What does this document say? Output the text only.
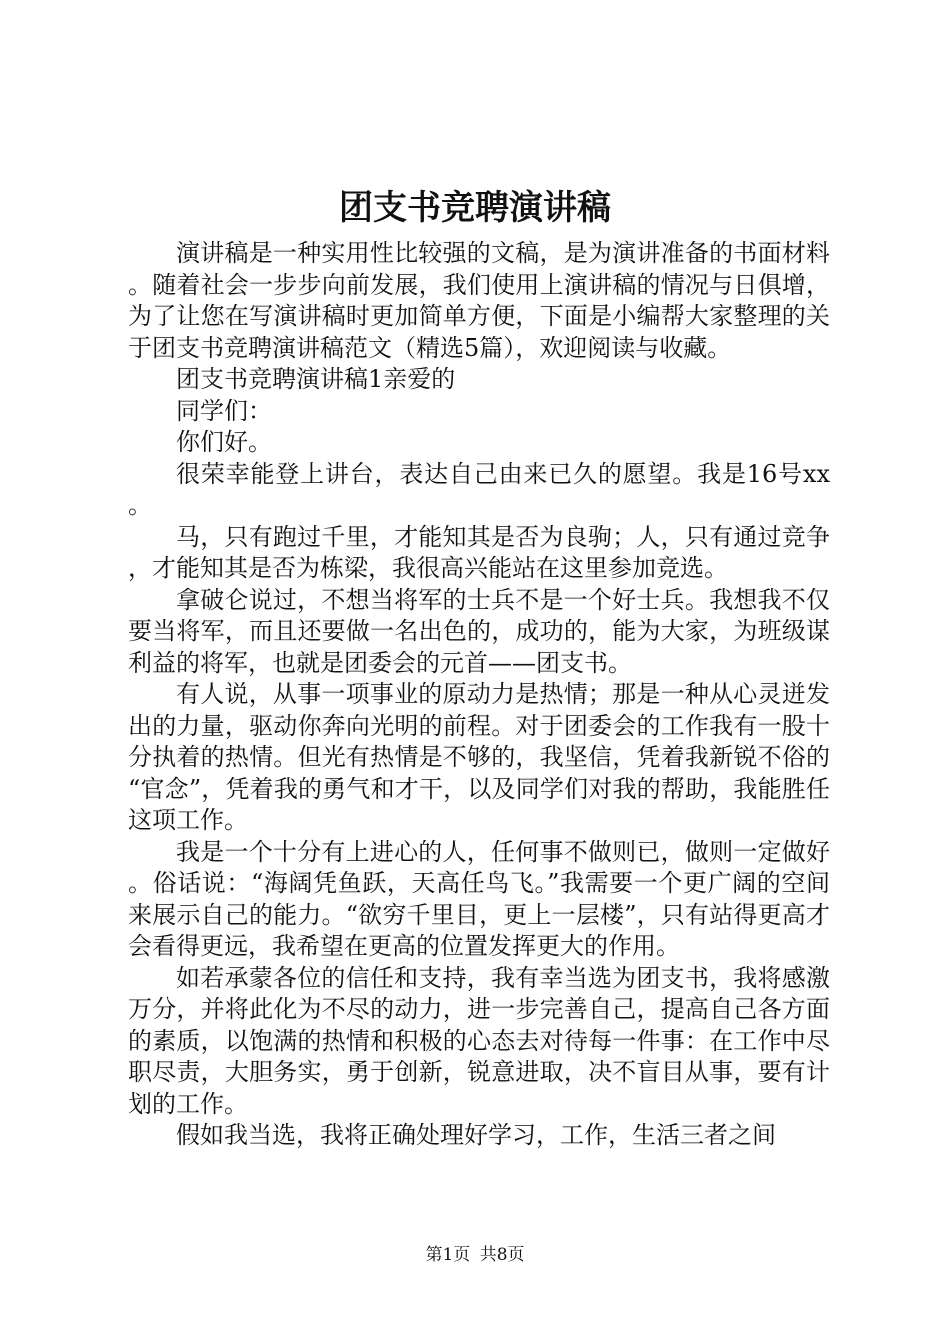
团支书竞聘演讲稿

演讲稿是一种实用性比较强的文稿，是为演讲准备的书面材料。随着社会一步步向前发展，我们使用上演讲稿的情况与日俱增，为了让您在写演讲稿时更加简单方便，下面是小编帮大家整理的关于团支书竞聘演讲稿范文（精选5篇），欢迎阅读与收藏。

团支书竞聘演讲稿1亲爱的

同学们：

你们好。

很荣幸能登上讲台，表达自己由来已久的愿望。我是16号xx。

马，只有跑过千里，才能知其是否为良驹；人，只有通过竞争，才能知其是否为栋梁，我很高兴能站在这里参加竞选。

拿破仑说过，不想当将军的士兵不是一个好士兵。我想我不仅要当将军，而且还要做一名出色的，成功的，能为大家，为班级谋利益的将军，也就是团委会的元首——团支书。

有人说，从事一项事业的原动力是热情；那是一种从心灵迸发出的力量，驱动你奔向光明的前程。对于团委会的工作我有一股十分执着的热情。但光有热情是不够的，我坚信，凭着我新锐不俗的“官念”，凭着我的勇气和才干，以及同学们对我的帮助，我能胜任这项工作。

我是一个十分有上进心的人，任何事不做则已，做则一定做好。俗话说：“海阔凭鱼跃，天高任鸟飞。”我需要一个更广阔的空间来展示自己的能力。“欲穷千里目，更上一层楼”，只有站得更高才会看得更远，我希望在更高的位置发挥更大的作用。

如若承蒙各位的信任和支持，我有幸当选为团支书，我将感激万分，并将此化为不尽的动力，进一步完善自己，提高自己各方面的素质，以饱满的热情和积极的心态去对待每一件事：在工作中尽职尽责，大胆务实，勇于创新，锐意进取，决不盲目从事，要有计划的工作。

假如我当选，我将正确处理好学习，工作，生活三者之间

第1页 共8页
